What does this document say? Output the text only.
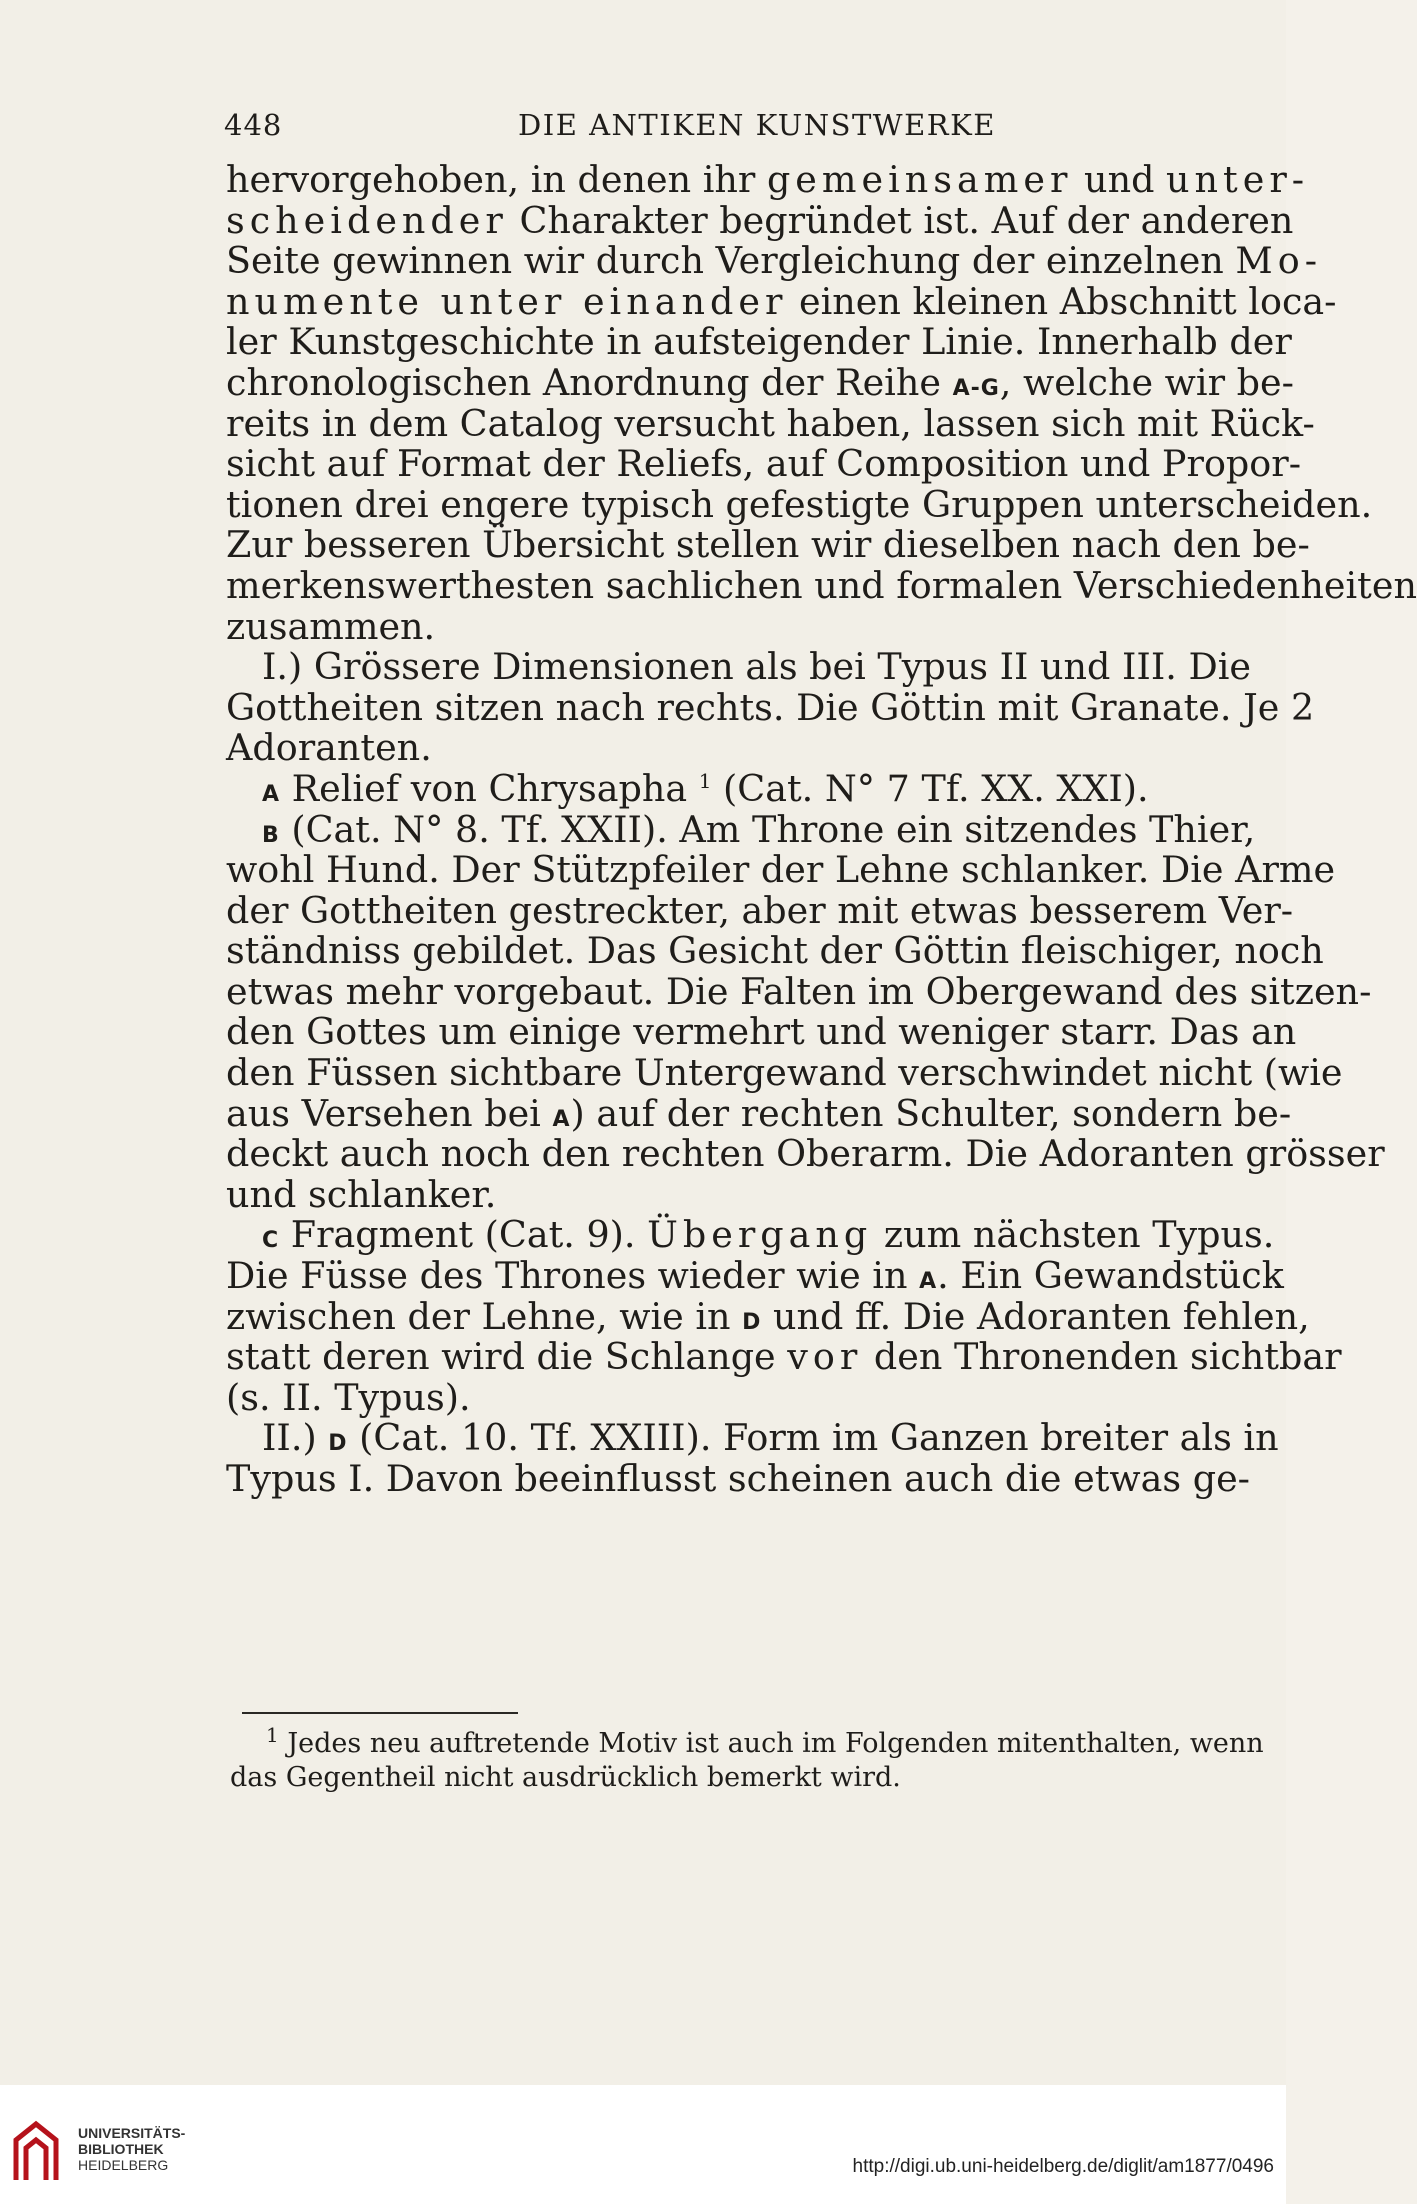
448	DIE ANTIKEN KUNSTWERKE
hervorgehoben, in denen ihr gemeinsamer und unter-
scheidender Charakter begründet ist. Auf der anderen
Seite gewinnen wir durch Vergleichung der einzelnen Mo-
numente unter einander einen kleinen Abschnitt loca-
ler Kunstgeschichte in aufsteigender Linie. Innerhalb der
chronologischen Anordnung der Reihe A-G, welche wir be-
reits in dem Catalog versucht haben, lassen sich mit Rück-
sicht auf Format der Reliefs, auf Composition und Propor-
tionen drei engere typisch gefestigte Gruppen unterscheiden.
Zur besseren Übersicht stellen wir dieselben nach den be-
merkenswerthesten sachlichen und formalen Verschiedenheiten
zusammen.
I.) Grössere Dimensionen als bei Typus II und III. Die
Gottheiten sitzen nach rechts. Die Göttin mit Granate. Je 2
Adoranten.
A Relief von Chrysapha $^1$ (Cat. N° 7 Tf. XX. XXI).
B (Cat. N° 8. Tf. XXII). Am Throne ein sitzendes Thier,
wohl Hund. Der Stützpfeiler der Lehne schlanker. Die Arme
der Gottheiten gestreckter, aber mit etwas besserem Ver-
ständniss gebildet. Das Gesicht der Göttin fleischiger, noch
etwas mehr vorgebaut. Die Falten im Obergewand des sitzen-
den Gottes um einige vermehrt und weniger starr. Das an
den Füssen sichtbare Untergewand verschwindet nicht (wie
aus Versehen bei A) auf der rechten Schulter, sondern be-
deckt auch noch den rechten Oberarm. Die Adoranten grösser
und schlanker.
C Fragment (Cat. 9). Übergang zum nächsten Typus.
Die Füsse des Thrones wieder wie in A. Ein Gewandstück
zwischen der Lehne, wie in D und ff. Die Adoranten fehlen,
statt deren wird die Schlange vor den Thronenden sichtbar
(s. II. Typus).
II.) D (Cat. 10. Tf. XXIII). Form im Ganzen breiter als in
Typus I. Davon beeinflusst scheinen auch die etwas ge-
$^1$ Jedes neu auftretende Motiv ist auch im Folgenden mitenthalten, wenn
das Gegentheil nicht ausdrücklich bemerkt wird.
UNIVERSITÄTS-
BIBLIOTHEK
HEIDELBERG	http://digi.ub.uni-heidelberg.de/diglit/am1877/0496
